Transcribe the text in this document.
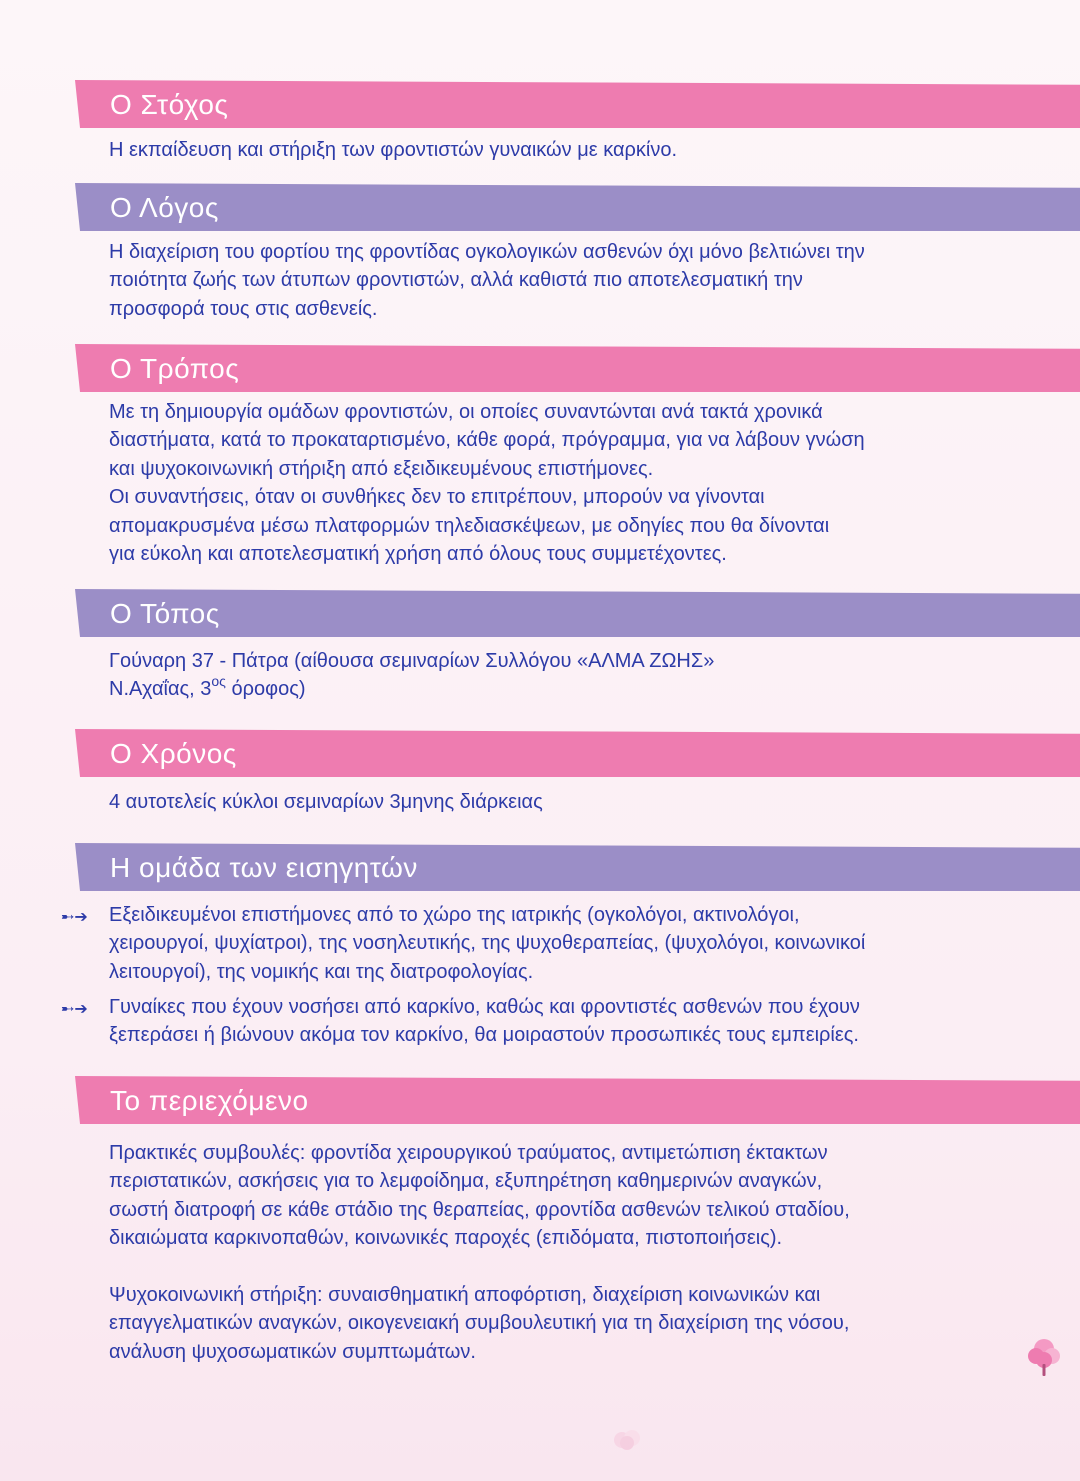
Ο Στόχος

Η εκπαίδευση και στήριξη των φροντιστών γυναικών με καρκίνο.

Ο Λόγος
Η διαχείριση του φορτίου της φροντίδας ογκολογικών ασθενών όχι μόνο βελτιώνει την
ποιότητα ζωής των άτυπων φροντιστών, αλλά καθιστά πιο αποτελεσματική την
προσφορά τους στις ασθενείς.
Ο Τρόπος
Με τη δημιουργία ομάδων φροντιστών, οι οποίες συναντώνται ανά τακτά χρονικά
διαστήματα, κατά το προκαταρτισμένο, κάθε φορά, πρόγραμμα, για να λάβουν γνώση
και ψυχοκοινωνική στήριξη από εξειδικευμένους επιστήμονες.
Οι συναντήσεις, όταν οι συνθήκες δεν το επιτρέπουν, μπορούν να γίνονται
απομακρυσμένα μέσω πλατφορμών τηλεδιασκέψεων, με οδηγίες που θα δίνονται
για εύκολη και αποτελεσματική χρήση από όλους τους συμμετέχοντες.
Ο Τόπος
Γούναρη 37 - Πάτρα (αίθουσα σεμιναρίων Συλλόγου «ΑΛΜΑ ΖΩΗΣ»
Ν.Αχαΐας, $3^{o\varsigma}$ όροφος)
Ο Χρόνος

4 αυτοτελείς κύκλοι σεμιναρίων 3μηνης διάρκειας

Η ομάδα των εισηγητών
➸➔ Εξειδικευμένοι επιστήμονες από το χώρο της ιατρικής (ογκολόγοι, ακτινολόγοι,
χειρουργοί, ψυχίατροι), της νοσηλευτικής, της ψυχοθεραπείας, (ψυχολόγοι, κοινωνικοί
λειτουργοί), της νομικής και της διατροφολογίας.
➸➔ Γυναίκες που έχουν νοσήσει από καρκίνο, καθώς και φροντιστές ασθενών που έχουν
ξεπεράσει ή βιώνουν ακόμα τον καρκίνο, θα μοιραστούν προσωπικές τους εμπειρίες.
Το περιεχόμενο
Πρακτικές συμβουλές: φροντίδα χειρουργικού τραύματος, αντιμετώπιση έκτακτων
περιστατικών, ασκήσεις για το λεμφοίδημα, εξυπηρέτηση καθημερινών αναγκών,
σωστή διατροφή σε κάθε στάδιο της θεραπείας, φροντίδα ασθενών τελικού σταδίου,
δικαιώματα καρκινοπαθών, κοινωνικές παροχές (επιδόματα, πιστοποιήσεις).
Ψυχοκοινωνική στήριξη: συναισθηματική αποφόρτιση, διαχείριση κοινωνικών και
επαγγελματικών αναγκών, οικογενειακή συμβουλευτική για τη διαχείριση της νόσου,
ανάλυση ψυχοσωματικών συμπτωμάτων.
